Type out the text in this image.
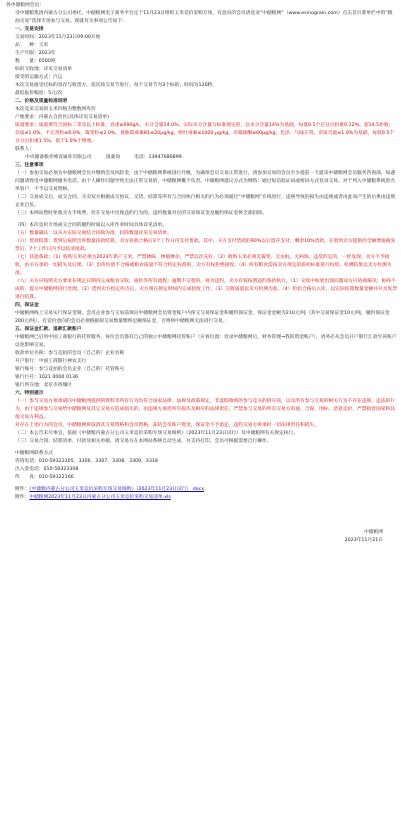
各中储粮网会员：

受中储粮集团内蒙古分公司委托，中储粮网电子商务平台定于11月23日组织玉米竞价采购专场，有意向的会员请登录“中储粮网”（www.esinograin.com）点击首页菜单栏中的“粮油交易”选择专场参与交易。现就有关事项公告如下：

一、交易安排

交易时间：2023年11月23日09:00开始

品　　种：玉米

生产年限：2023年

数　　量：6500吨

标的交收地：详见交易清单

接受的运输方式：汽运

本次交易接受托标的容存与收货方，依次按交易节进行。每个交易节为3个标的，时间为120秒。

最低报价幅度：5元/次

二、价格及质量标准说明

本次竞采交易的玉米价格为整数到库价

产地要求：内蒙古自治区(具体详见交易清单)

质量要求：质量要符合国标二等及以上标准，容重≥690g/L，水分含量14.0%，实际水分含量与标准规定的，以水分含量14%为基础，每低0.1个百分点扣重0.12%。超14.5拒收；杂质≤1.0%，不完善粒≤6.0%，霉变粒≤2.0%，黄曲霉毒素B1≤20μg/kg，呕吐毒素≤1000 μg/kg，赤霉烯酮≤60μg/kg，色泽、气味正常。杂质含量≤1.0%为基础，每低0.5个百分点扣重1.5%，低于1.0%不增重。

联系人：

中央储备粮赤峰直属库有限公司　　　国桑岗　　　电话：13947680899

三、注意事项

（一）参加交易必须为中储粮网会员并缴纳会员风险金，由于中储粮网系统进行升级，为确保会员交易正常进行，请参加交易的会员至少提前一天就采中储粮网会员服务咨询部，如遇问题请致电中储粮网服务电话。由个人操作问题导致无法正常交易的，中储粮网概不负责。中储粮网提议方式为网络：通过短信验证码或密码方式登录交易。对于列入中储粮系统黑名单客户，不予以交易资格。

（二）交易成交后，成交合同、买卖双方根据成交协议、交货、结算等所有与合同执行相关的行为必须通过“中储粮网”在线进行，违规导致的损失由违规或者由此而产生的后果由违规企业自负。

（三）本网站暂时免收买方手续费，但在交易中出现违约行为的，违约数量对应的交易保证金及履约保证金将全部扣除。

（四）本次竞价专场成交合同的履约时间以入库作业时间具体详见清单。

（五）数量确认：以买方实际交收结合扣除为准，扣除数量详见交易清单。

（六）货款结算：货到后按照出库数量扣款结算，卖方验收合格后3个工作日内支付货款。其中，买方支付货款的90%以后留存支付，剩余10%货款，在收到卖方提供的全额增值税发票后，7个工作日内予以结清尾款。

（七）其他条款：（1）收购玉米必须为2023年新产玉米，严禁掺陈、掺假掺杂，严禁以次充好。（2）收购玉米必须无霉变、无虫蛀、无病斑。违反约定的，一经发现，卖方不予接收，由买方承担一切损失及后果。（3）出库检验不合格或粮食质量不符合约定标准的，卖方有权拒绝接收。（4）所有粮食需按卖方规定的质检标准进行检验。检测结果以卖方检测为准。

（八）买方应按照卖方要求在规定日期内完成粮食交收、质检等所有流程；逾期不交收的，视为违约，卖方有权按照违约条款执行。（1）交收中如果出现问题双方应协商解决；协商不成的，提交中储粮网进行处理。（2）货到卖方指定库点后，卖方须在规定时间内完成验收工作。（3）交收质量以卖方检测为准。（4）检验合格后入库，以实际结算数量金额并开具发票进行结算。

四、保证金

中储粮网线上交易实行保证金制，会员企业参与交易前须向中储粮网会员资金账户内预交交易保证金和履约保证金，保证金金额为210元/吨（其中交易保证金10元/吨，履约保证金200元/吨）。有竞价意向的会员必须根据拟交易数量缴纳足额保证金，否则将中储粮网无法进行交易。

五、保证金汇款、退款汇款账户

中储粮网已启用中国工商银行的托管服务，每位会员都有自己的独立中储粮网托管账户（应看位置：登录中储粮网后，财务管理→我的资金账户），请务必从会员开户银行汇款至该账户以免影响交易。

收款单位名称：参与竞拍的会员（自己的）企业名称

开户银行：中国工商银行神农支行

银行账号：参与竞拍的会员企业（自己的）托管账号

银行行号：1021 0000 0136

银行所在地：北京市西城区

六、特别提示

（一）参与交易方须承诺向中储粮网提供的资料等所有行为均符合国家法律、法规及政策规定，非虚假收购的参与竞买的供应商，以及所有参与交易的相关行为不存在违规、违法的行为，由于违规参与交易给中储粮网及其它交易方造成损失的，由违规方承担所有损失及相应的法律责任。严禁参与交易的所有交易方串通、合谋、围标、恶意竞价，严禁损害国家和其他交易方利益。

对存在上述行为的会员，中储粮网将取消其交易资格和会员资格，冻结会员账户资金，保证金不予退还，违约交易方将承担一切法律责任和损失。

（二）本公告未尽事宜，依据《中储粮内蒙古分公司玉米竞价采购专场交易细则》（2023年11月23日试行）及中储粮网有关规定执行。

（三）交易合同、结算清单、付款及相关单据，请交易方在本网站系统自动生成，并支持打印。会员可根据需要自行操作。

中储粮网联系方式

咨询电话：010-59323305、3306、3307、3308、3309、3318

出入金电话：010-59323308

传　　真：010-59322166

附件：《中储粮内蒙古分公司玉米竞价采购专场交易细则》（2023年11月23日试行）.docx

附件：中储粮网2023年11月23日内蒙古分公司玉米竞价采购交易清单.xls

中储粮网

2023年11月21日
